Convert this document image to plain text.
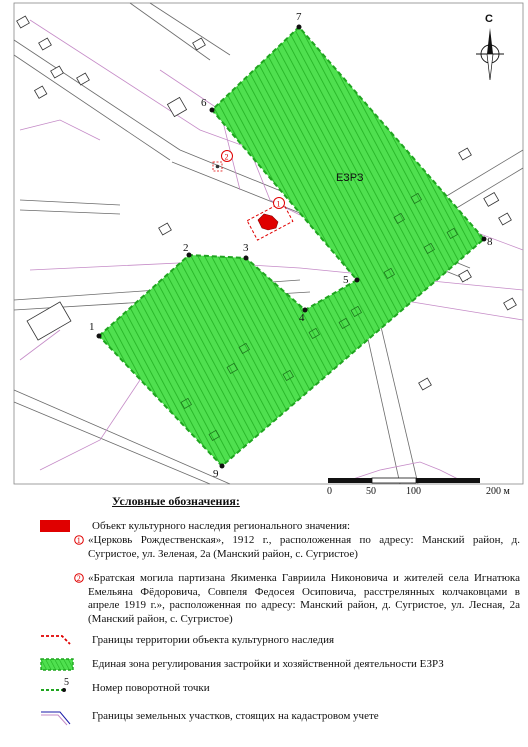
1
2	3
4
5
6
7
8
9
ЕЗРЗ
1
2
С
0	50	100	200 м
Условные обозначения:
Объект культурного наследия регионального значения:
1 «Церковь Рождественская», 1912 г., расположенная по адресу: Манский район, д. Сугристое, ул. Зеленая, 2а (Манский район, с. Сугристое)
2 «Братская могила партизана Якименка Гавриила Никоновича и жителей села Игнатюка Емельяна Фёдоровича, Совпеля Федосея Осиповича, расстрелянных колчаковцами в апреле 1919 г.», расположенная по адресу: Манский район, д. Сугристое, ул. Лесная, 2а (Манский район, с. Сугристое)
Границы территории объекта культурного наследия
Единая зона регулирования застройки и хозяйственной деятельности ЕЗРЗ
5 Номер поворотной точки
Границы земельных участков, стоящих на кадастровом учете
